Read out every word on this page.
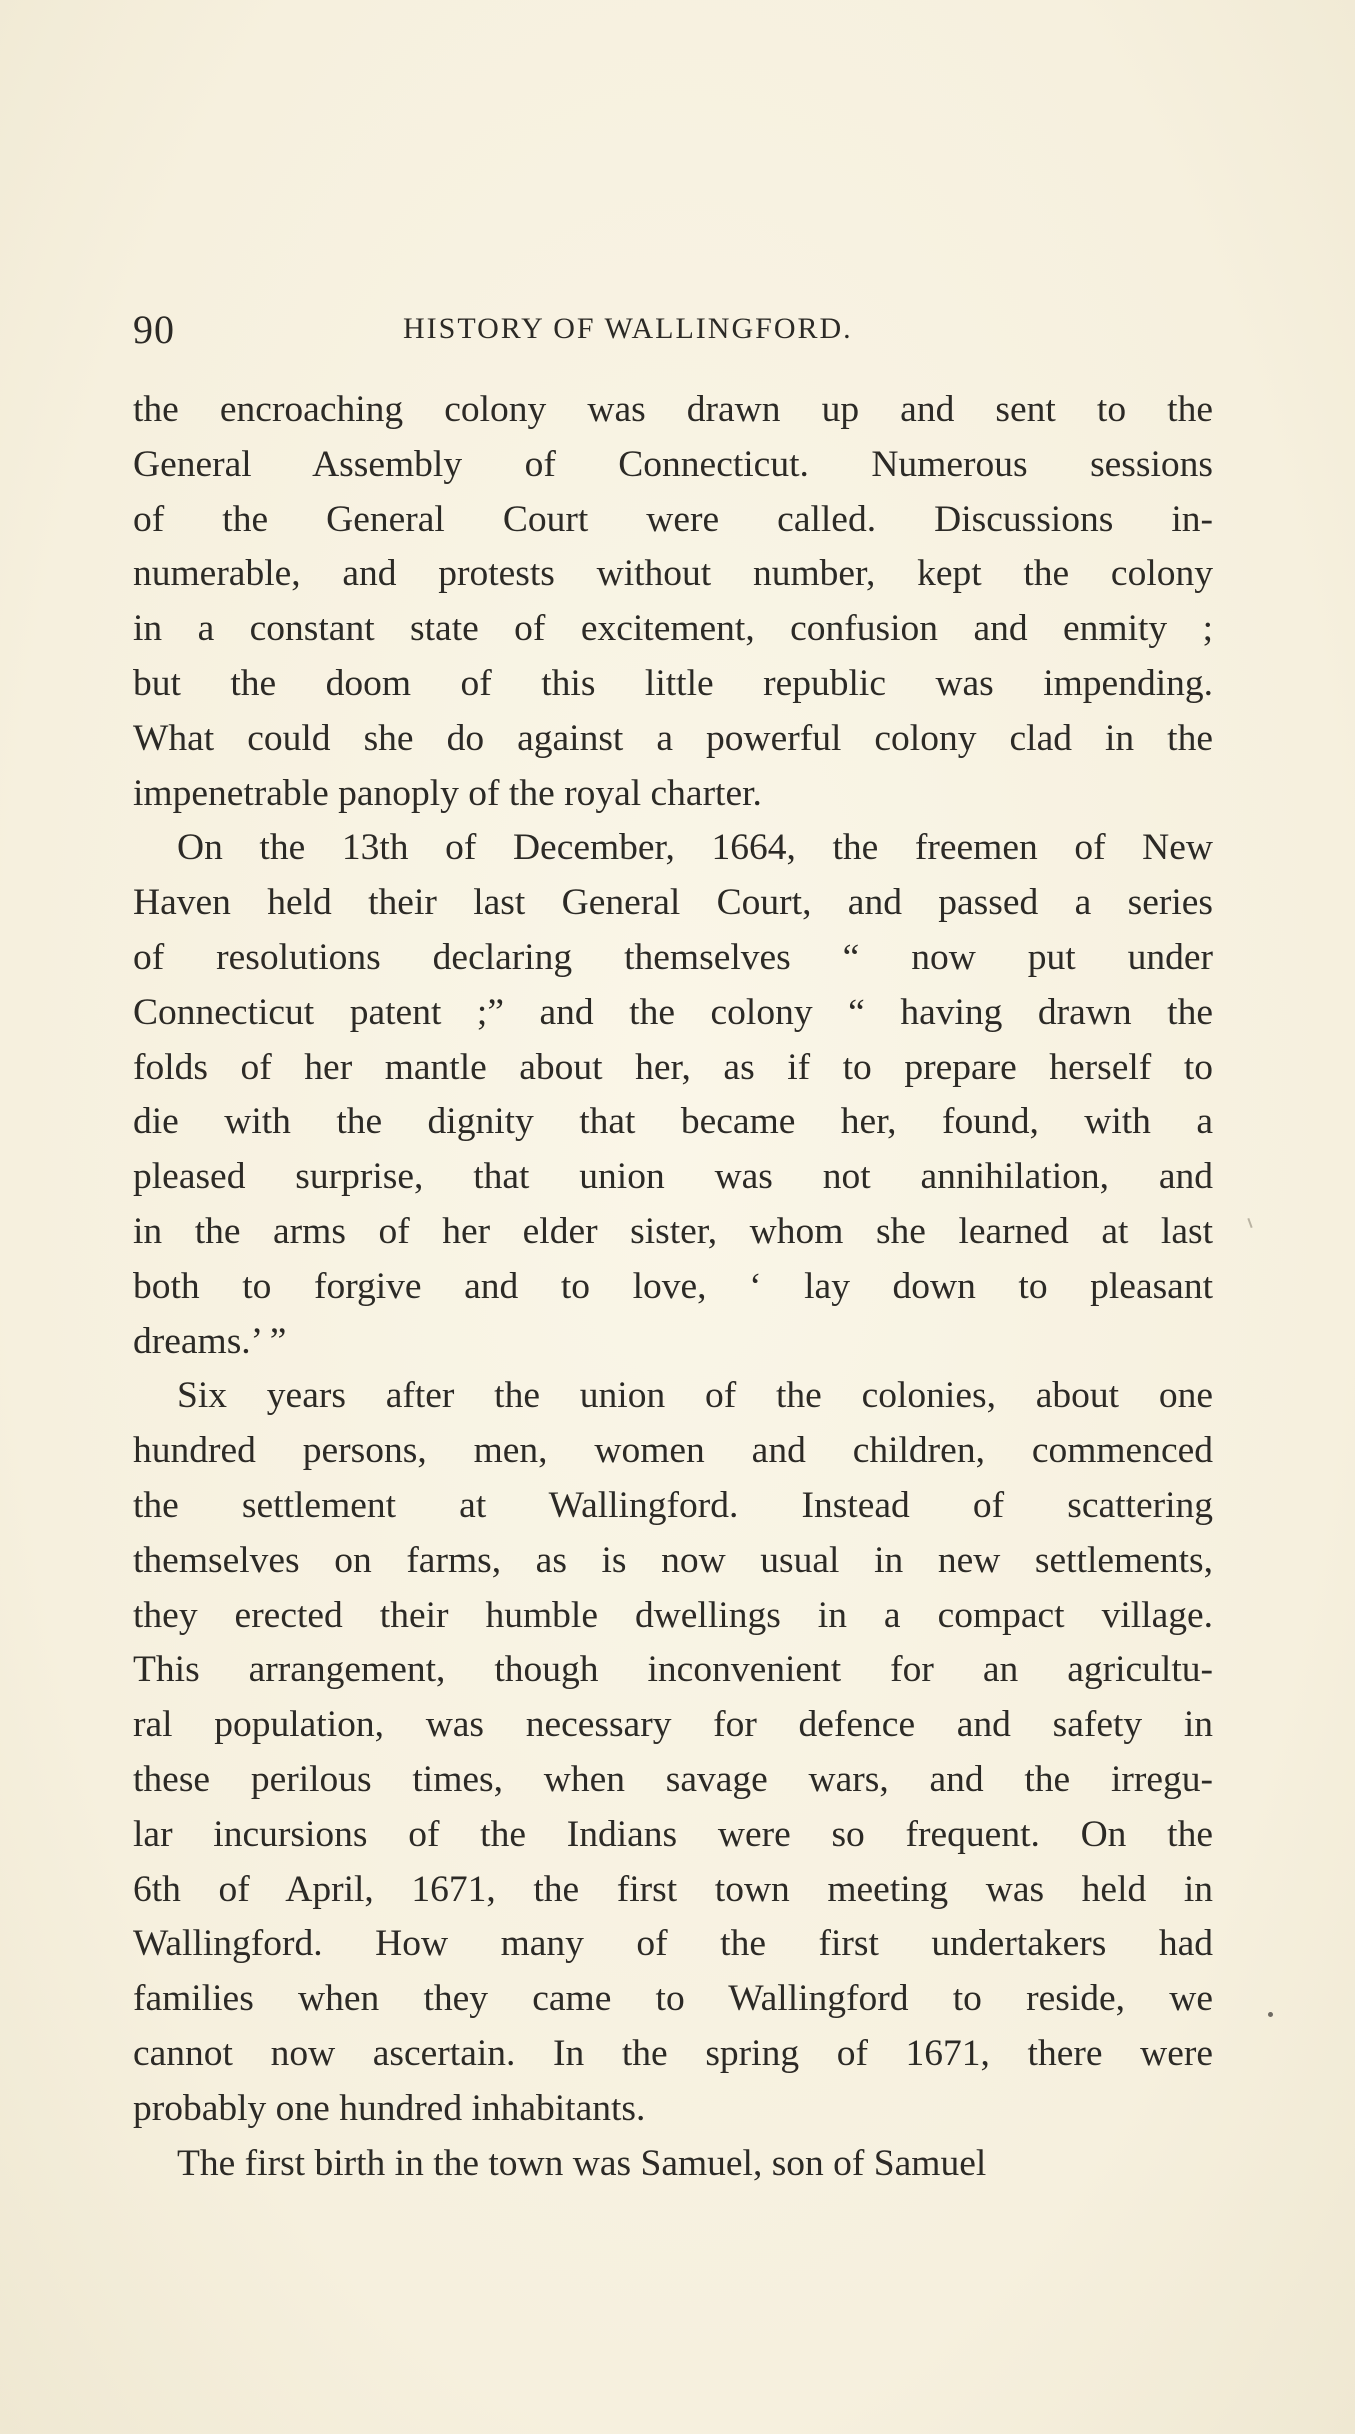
90	HISTORY OF WALLINGFORD.
the encroaching colony was drawn up and sent to the
General Assembly of Connecticut. Numerous sessions
of the General Court were called. Discussions in-
numerable, and protests without number, kept the colony
in a constant state of excitement, confusion and enmity ;
but the doom of this little republic was impending.
What could she do against a powerful colony clad in the
impenetrable panoply of the royal charter.
On the 13th of December, 1664, the freemen of New
Haven held their last General Court, and passed a series
of resolutions declaring themselves “ now put under
Connecticut patent ;” and the colony “ having drawn the
folds of her mantle about her, as if to prepare herself to
die with the dignity that became her, found, with a
pleased surprise, that union was not annihilation, and
in the arms of her elder sister, whom she learned at last
both to forgive and to love, ‘ lay down to pleasant
dreams.’ ”
Six years after the union of the colonies, about one
hundred persons, men, women and children, commenced
the settlement at Wallingford. Instead of scattering
themselves on farms, as is now usual in new settlements,
they erected their humble dwellings in a compact village.
This arrangement, though inconvenient for an agricultu-
ral population, was necessary for defence and safety in
these perilous times, when savage wars, and the irregu-
lar incursions of the Indians were so frequent. On the
6th of April, 1671, the first town meeting was held in
Wallingford. How many of the first undertakers had
families when they came to Wallingford to reside, we
cannot now ascertain. In the spring of 1671, there were
probably one hundred inhabitants.
The first birth in the town was Samuel, son of Samuel
